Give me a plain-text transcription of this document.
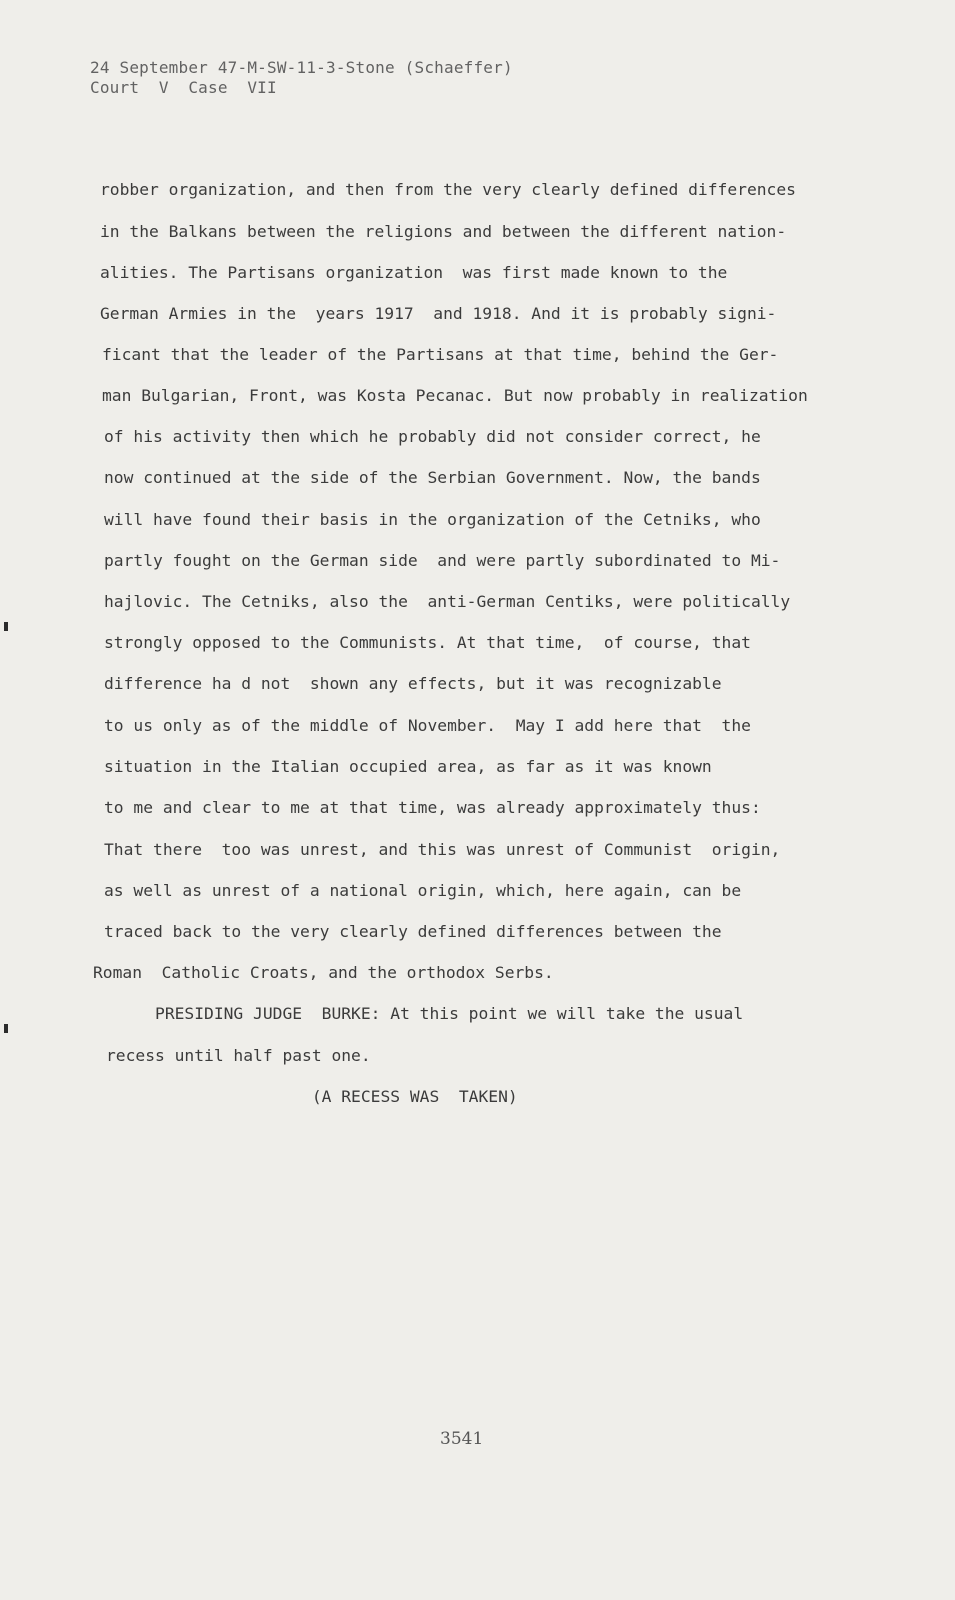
24 September 47-M-SW-11-3-Stone (Schaeffer)
Court  V  Case  VII
robber organization, and then from the very clearly defined differences
in the Balkans between the religions and between the different nation-
alities. The Partisans organization  was first made known to the
German Armies in the  years 1917  and 1918. And it is probably signi-
ficant that the leader of the Partisans at that time, behind the Ger-
man Bulgarian, Front, was Kosta Pecanac. But now probably in realization
of his activity then which he probably did not consider correct, he
now continued at the side of the Serbian Government. Now, the bands
will have found their basis in the organization of the Cetniks, who
partly fought on the German side  and were partly subordinated to Mi-
hajlovic. The Cetniks, also the  anti-German Centiks, were politically
strongly opposed to the Communists. At that time,  of course, that
difference ha d not  shown any effects, but it was recognizable
to us only as of the middle of November.  May I add here that  the
situation in the Italian occupied area, as far as it was known
to me and clear to me at that time, was already approximately thus:
That there  too was unrest, and this was unrest of Communist  origin,
as well as unrest of a national origin, which, here again, can be
traced back to the very clearly defined differences between the
Roman  Catholic Croats, and the orthodox Serbs.
PRESIDING JUDGE  BURKE: At this point we will take the usual
recess until half past one.
(A RECESS WAS  TAKEN)
3541
